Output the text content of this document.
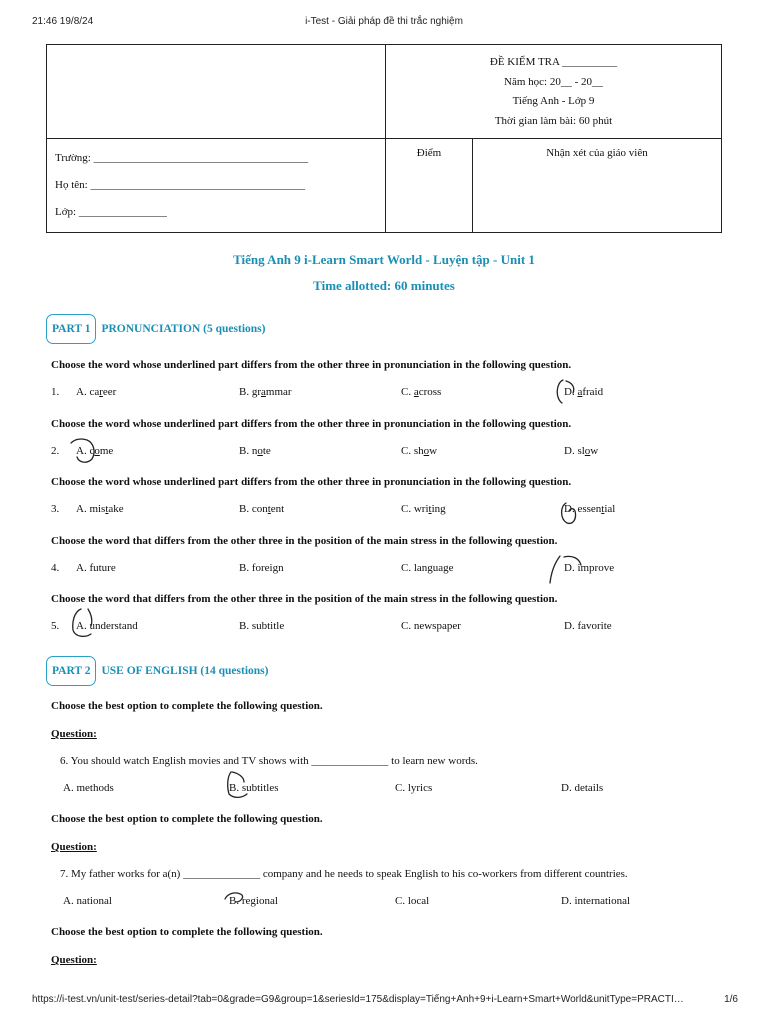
21:46 19/8/24	i-Test - Giải pháp đề thi trắc nghiệm

	ĐỀ KIỂM TRA __________
Năm học: 20__ - 20__
Tiếng Anh - Lớp 9
Thời gian làm bài: 60 phút	

Trường: _______________________________________
Họ tên: _______________________________________
Lớp: ________________	Điểm	Nhận xét của giáo viên
Tiếng Anh 9 i-Learn Smart World - Luyện tập - Unit 1
Time allotted: 60 minutes
PART 1 PRONUNCIATION (5 questions)
Choose the word whose underlined part differs from the other three in pronunciation in the following question.
1. A. career	B. grammar	C. across	D. afraid
Choose the word whose underlined part differs from the other three in pronunciation in the following question.
2. A. come	B. note	C. show	D. slow
Choose the word whose underlined part differs from the other three in pronunciation in the following question.
3. A. mistake	B. content	C. writing	D. essential
Choose the word that differs from the other three in the position of the main stress in the following question.
4. A. future	B. foreign	C. language	D. improve
Choose the word that differs from the other three in the position of the main stress in the following question.
5. A. understand	B. subtitle	C. newspaper	D. favorite
PART 2 USE OF ENGLISH (14 questions)
Choose the best option to complete the following question.
Question:
6. You should watch English movies and TV shows with ______________ to learn new words.
A. methods	B. subtitles	C. lyrics	D. details
Choose the best option to complete the following question.
Question:
7. My father works for a(n) ______________ company and he needs to speak English to his co-workers from different countries.
A. national	B. regional	C. local	D. international
Choose the best option to complete the following question.
Question:
https://i-test.vn/unit-test/series-detail?tab=0&grade=G9&group=1&seriesId=175&display=Tiếng+Anh+9+i-Learn+Smart+World&unitType=PRACTI…	1/6
